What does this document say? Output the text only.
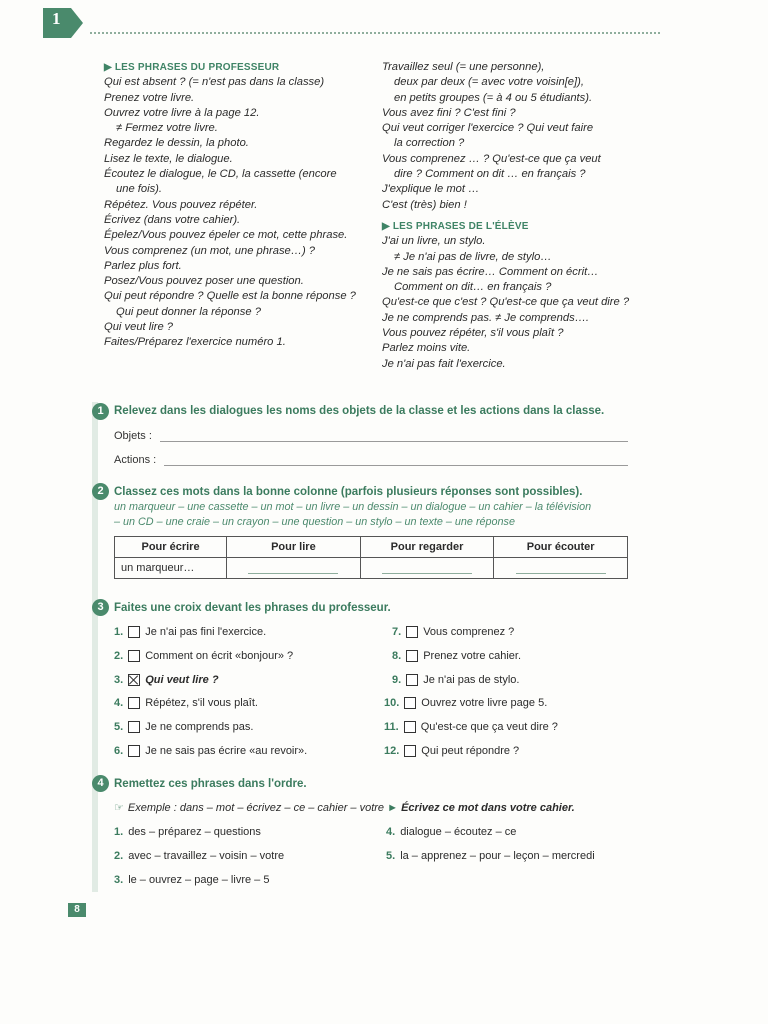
1
▶ LES PHRASES DU PROFESSEUR
Qui est absent ? (= n'est pas dans la classe)
Prenez votre livre.
Ouvrez votre livre à la page 12.
≠ Fermez votre livre.
Regardez le dessin, la photo.
Lisez le texte, le dialogue.
Écoutez le dialogue, le CD, la cassette (encore
une fois).
Répétez. Vous pouvez répéter.
Écrivez (dans votre cahier).
Épelez/Vous pouvez épeler ce mot, cette phrase.
Vous comprenez (un mot, une phrase…) ?
Parlez plus fort.
Posez/Vous pouvez poser une question.
Qui peut répondre ? Quelle est la bonne réponse ?
Qui peut donner la réponse ?
Qui veut lire ?
Faites/Préparez l'exercice numéro 1.
Travaillez seul (= une personne),
deux par deux (= avec votre voisin[e]),
en petits groupes (= à 4 ou 5 étudiants).
Vous avez fini ? C'est fini ?
Qui veut corriger l'exercice ? Qui veut faire
la correction ?
Vous comprenez … ? Qu'est-ce que ça veut
dire ? Comment on dit … en français ?
J'explique le mot …
C'est (très) bien !
▶ LES PHRASES DE L'ÉLÈVE
J'ai un livre, un stylo.
≠ Je n'ai pas de livre, de stylo…
Je ne sais pas écrire… Comment on écrit…
Comment on dit… en français ?
Qu'est-ce que c'est ? Qu'est-ce que ça veut dire ?
Je ne comprends pas. ≠ Je comprends….
Vous pouvez répéter, s'il vous plaît ?
Parlez moins vite.
Je n'ai pas fait l'exercice.
1 Relevez dans les dialogues les noms des objets de la classe et les actions dans la classe.
Objets :
Actions :
2 Classez ces mots dans la bonne colonne (parfois plusieurs réponses sont possibles).
un marqueur – une cassette – un mot – un livre – un dessin – un dialogue – un cahier – la télévision
– un CD – une craie – un crayon – une question – un stylo – un texte – une réponse
Pour écrire	Pour lire	Pour regarder	Pour écouter
un marqueur…	

3 Faites une croix devant les phrases du professeur.
1. Je n'ai pas fini l'exercice.
2. Comment on écrit «bonjour» ?
3. Qui veut lire ?
4. Répétez, s'il vous plaît.
5. Je ne comprends pas.
6. Je ne sais pas écrire «au revoir».
7. Vous comprenez ?
8. Prenez votre cahier.
9. Je n'ai pas de stylo.
10. Ouvrez votre livre page 5.
11. Qu'est-ce que ça veut dire ?
12. Qui peut répondre ?
4 Remettez ces phrases dans l'ordre.
☞ Exemple : dans – mot – écrivez – ce – cahier – votre ► Écrivez ce mot dans votre cahier.
1. des – préparez – questions
2. avec – travaillez – voisin – votre
3. le – ouvrez – page – livre – 5
4. dialogue – écoutez – ce
5. la – apprenez – pour – leçon – mercredi
8
